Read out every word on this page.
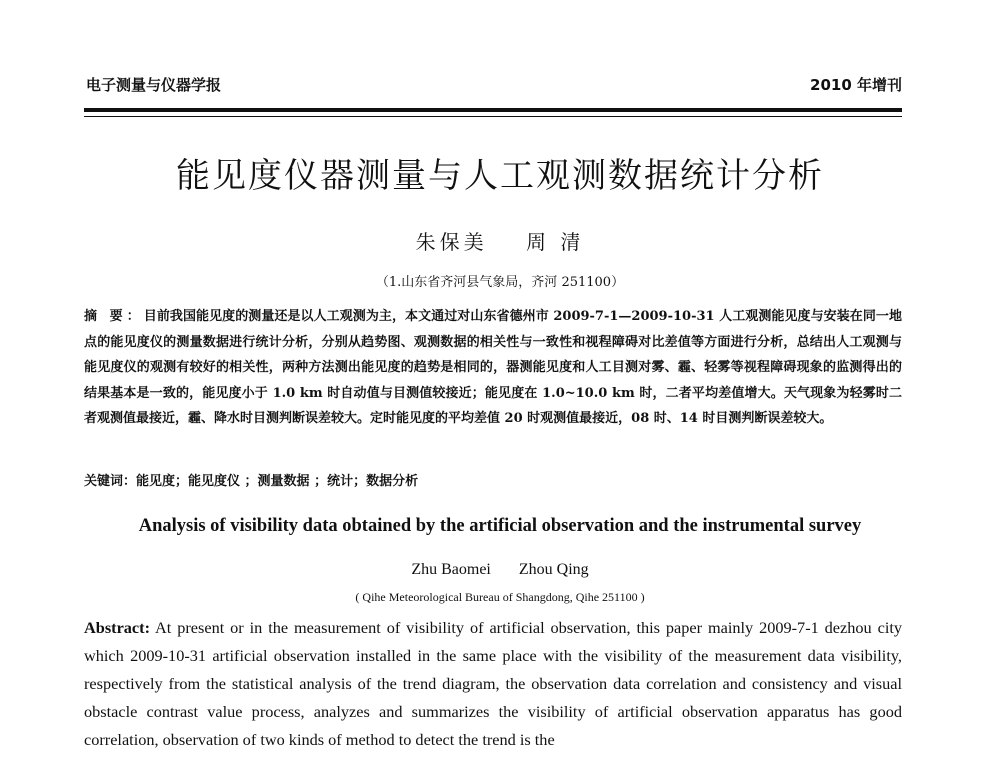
电子测量与仪器学报	2010 年增刊
能见度仪器测量与人工观测数据统计分析
朱保美 周 清
（1.山东省齐河县气象局，齐河 251100）
摘 要：目前我国能见度的测量还是以人工观测为主，本文通过对山东省德州市 2009-7-1—2009-10-31 人工观测能见度与安装在同一地点的能见度仪的测量数据进行统计分析，分别从趋势图、观测数据的相关性与一致性和视程障碍对比差值等方面进行分析，总结出人工观测与能见度仪的观测有较好的相关性，两种方法测出能见度的趋势是相同的，器测能见度和人工目测对雾、霾、轻雾等视程障碍现象的监测得出的结果基本是一致的，能见度小于 1.0 km 时自动值与目测值较接近；能见度在 1.0~10.0 km 时，二者平均差值增大。天气现象为轻雾时二者观测值最接近，霾、降水时目测判断误差较大。定时能见度的平均差值 20 时观测值最接近，08 时、14 时目测判断误差较大。
关键词：能见度；能见度仪 ；测量数据 ；统计；数据分析
Analysis of visibility data obtained by the artificial observation and the instrumental survey
Zhu Baomei Zhou Qing
( Qihe Meteorological Bureau of Shangdong, Qihe 251100 )
Abstract: At present or in the measurement of visibility of artificial observation, this paper mainly 2009-7-1 dezhou city which 2009-10-31 artificial observation installed in the same place with the visibility of the measurement data visibility, respectively from the statistical analysis of the trend diagram, the observation data correlation and consistency and visual obstacle contrast value process, analyzes and summarizes the visibility of artificial observation apparatus has good correlation, observation of two kinds of method to detect the trend is the
